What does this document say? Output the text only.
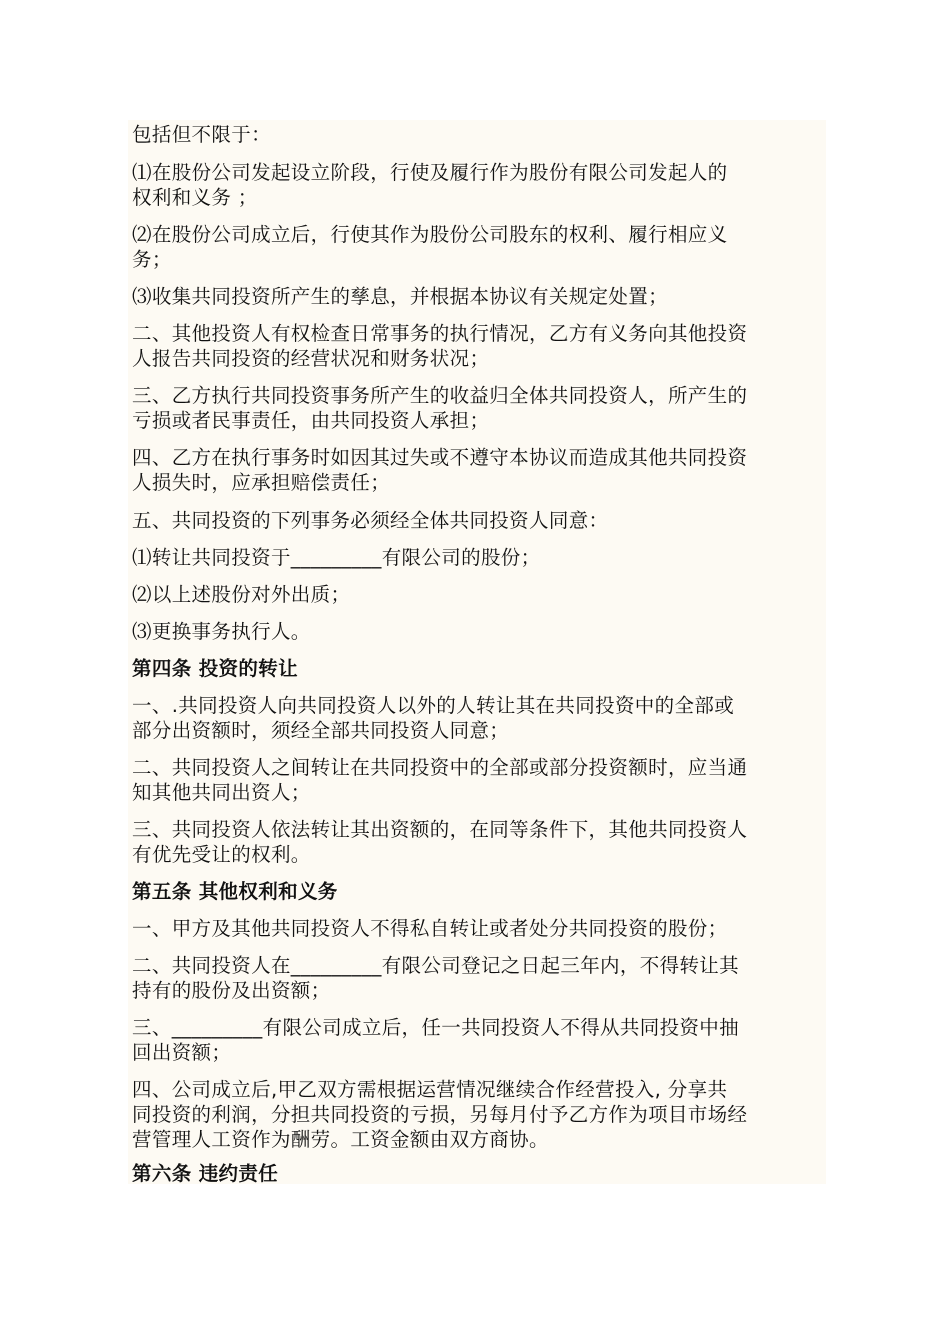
包括但不限于：
⑴在股份公司发起设立阶段，行使及履行作为股份有限公司发起人的
权利和义务 ；
⑵在股份公司成立后，行使其作为股份公司股东的权利、履行相应义
务；
⑶收集共同投资所产生的孳息，并根据本协议有关规定处置；
二、其他投资人有权检查日常事务的执行情况，乙方有义务向其他投资
人报告共同投资的经营状况和财务状况；
三、乙方执行共同投资事务所产生的收益归全体共同投资人，所产生的
亏损或者民事责任，由共同投资人承担；
四、乙方在执行事务时如因其过失或不遵守本协议而造成其他共同投资
人损失时，应承担赔偿责任；
五、共同投资的下列事务必须经全体共同投资人同意：
⑴转让共同投资于_________有限公司的股份；
⑵以上述股份对外出质；
⑶更换事务执行人。
第四条 投资的转让
一、.共同投资人向共同投资人以外的人转让其在共同投资中的全部或
部分出资额时，须经全部共同投资人同意；
二、共同投资人之间转让在共同投资中的全部或部分投资额时，应当通
知其他共同出资人；
三、共同投资人依法转让其出资额的，在同等条件下，其他共同投资人
有优先受让的权利。
第五条 其他权利和义务
一、甲方及其他共同投资人不得私自转让或者处分共同投资的股份；
二、共同投资人在_________有限公司登记之日起三年内，不得转让其
持有的股份及出资额；
三、_________有限公司成立后，任一共同投资人不得从共同投资中抽
回出资额；
四、公司成立后,甲乙双方需根据运营情况继续合作经营投入, 分享共
同投资的利润，分担共同投资的亏损，另每月付予乙方作为项目市场经
营管理人工资作为酬劳。工资金额由双方商协。
第六条 违约责任
